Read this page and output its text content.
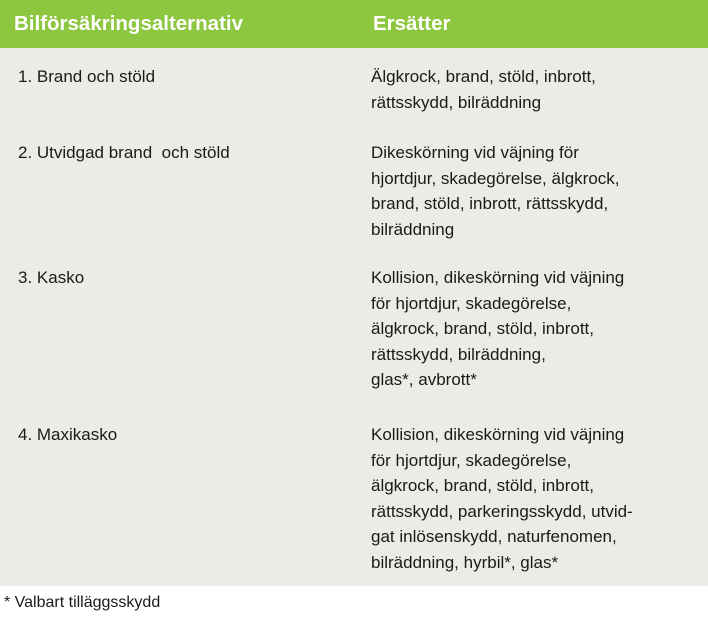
Bilförsäkringsalternativ	Ersätter
1. Brand och stöld	Älgkrock, brand, stöld, inbrott,
rättsskydd, bilräddning
2. Utvidgad brand  och stöld	Dikeskörning vid väjning för
hjortdjur, skadegörelse, älgkrock,
brand, stöld, inbrott, rättsskydd,
bilräddning
3. Kasko	Kollision, dikeskörning vid väjning
för hjortdjur, skadegörelse,
älgkrock, brand, stöld, inbrott,
rättsskydd, bilräddning,
glas*, avbrott*
4. Maxikasko	Kollision, dikeskörning vid väjning
för hjortdjur, skadegörelse,
älgkrock, brand, stöld, inbrott,
rättsskydd, parkeringsskydd, utvid-
gat inlösenskydd, naturfenomen,
bilräddning, hyrbil*, glas*
* Valbart tilläggsskydd
